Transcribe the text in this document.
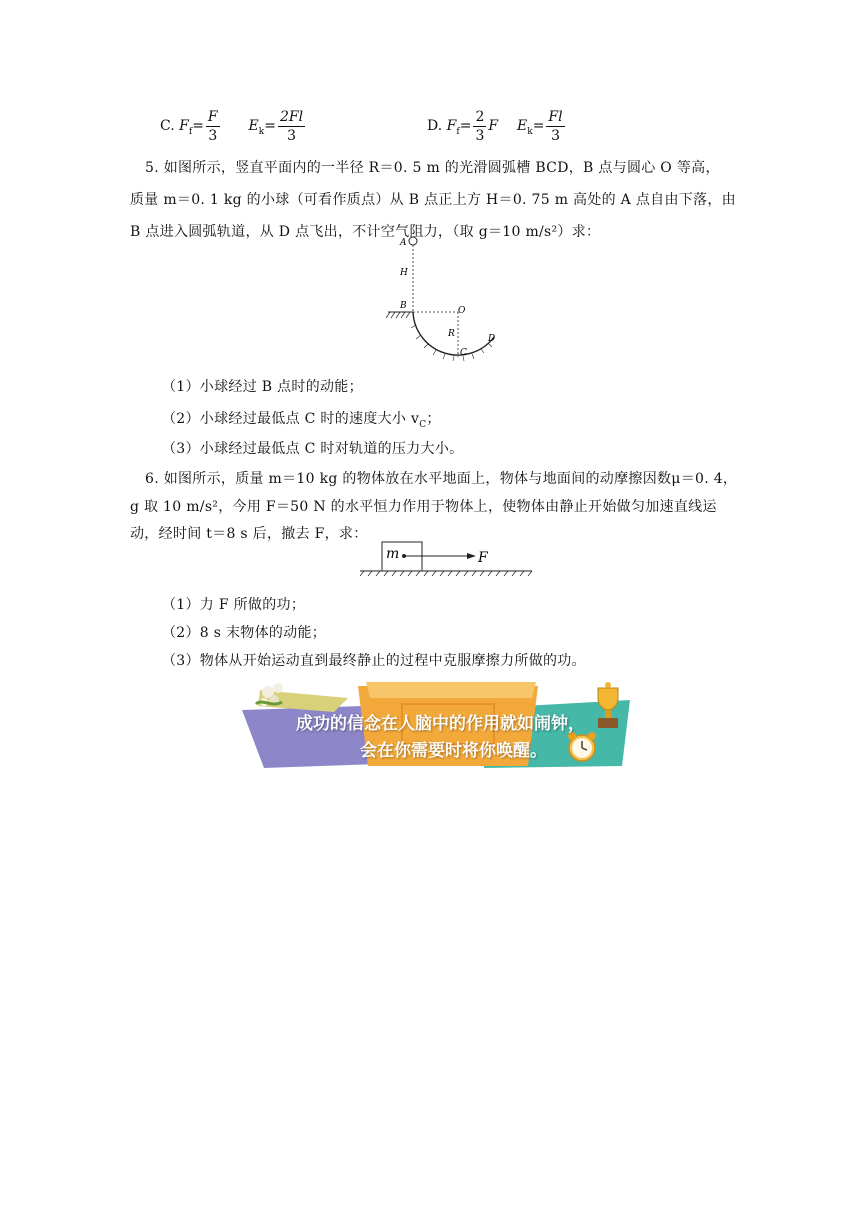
C. $F_f= \frac{F}{3} E_k= \frac{2Fl}{3}$	D. $F_f= \frac{2}{3}$ F $E_k= \frac{Fl}{3}$
5. 如图所示，竖直平面内的一半径 R＝0. 5 m 的光滑圆弧槽 BCD，B 点与圆心 O 等高，
质量 m＝0. 1 kg 的小球（可看作质点）从 B 点正上方 H＝0. 75 m 高处的 A 点自由下落，由
B 点进入圆弧轨道，从 D 点飞出，不计空气阻力，（取 g＝10 m/s²）求：
A
H
B	O
R
C
D
（1）小球经过 B 点时的动能；
（2）小球经过最低点 C 时的速度大小 $v_C$；
（3）小球经过最低点 C 时对轨道的压力大小。
6. 如图所示，质量 m＝10 kg 的物体放在水平地面上，物体与地面间的动摩擦因数μ＝0. 4，
g 取 10 m/s²，今用 F＝50 N 的水平恒力作用于物体上，使物体由静止开始做匀加速直线运
动，经时间 t＝8 s 后，撤去 F，求：
m	F
（1）力 F 所做的功；
（2）8 s 末物体的动能；
（3）物体从开始运动直到最终静止的过程中克服摩擦力所做的功。
成功的信念在人脑中的作用就如闹钟，
会在你需要时将你唤醒。
